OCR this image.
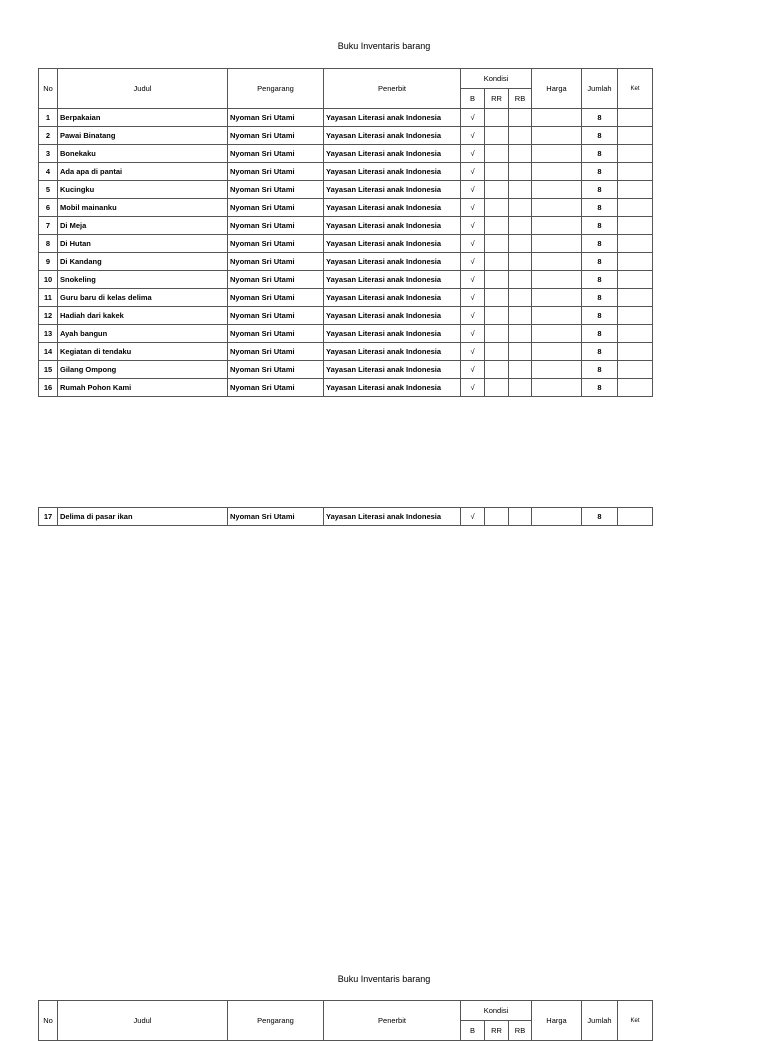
Buku Inventaris barang
No	Judul	Pengarang	Penerbit	Kondisi			Harga	Jumlah	Ket
				B	RR	RB			
1	Berpakaian	Nyoman Sri Utami	Yayasan Literasi anak Indonesia	√				8	
2	Pawai Binatang	Nyoman Sri Utami	Yayasan Literasi anak Indonesia	√				8	
3	Bonekaku	Nyoman Sri Utami	Yayasan Literasi anak Indonesia	√				8	
4	Ada apa di pantai	Nyoman Sri Utami	Yayasan Literasi anak Indonesia	√				8	
5	Kucingku	Nyoman Sri Utami	Yayasan Literasi anak Indonesia	√				8	
6	Mobil mainanku	Nyoman Sri Utami	Yayasan Literasi anak Indonesia	√				8	
7	Di Meja	Nyoman Sri Utami	Yayasan Literasi anak Indonesia	√				8	
8	Di Hutan	Nyoman Sri Utami	Yayasan Literasi anak Indonesia	√				8	
9	Di Kandang	Nyoman Sri Utami	Yayasan Literasi anak Indonesia	√				8	
10	Snokeling	Nyoman Sri Utami	Yayasan Literasi anak Indonesia	√				8	
11	Guru baru di kelas delima	Nyoman Sri Utami	Yayasan Literasi anak Indonesia	√				8	
12	Hadiah dari kakek	Nyoman Sri Utami	Yayasan Literasi anak Indonesia	√				8	
13	Ayah bangun	Nyoman Sri Utami	Yayasan Literasi anak Indonesia	√				8	
14	Kegiatan di tendaku	Nyoman Sri Utami	Yayasan Literasi anak Indonesia	√				8	
15	Gilang Ompong	Nyoman Sri Utami	Yayasan Literasi anak Indonesia	√				8	
16	Rumah Pohon Kami	Nyoman Sri Utami	Yayasan Literasi anak Indonesia	√				8	
17	Delima di pasar ikan	Nyoman Sri Utami	Yayasan Literasi anak Indonesia	√				8	
Buku Inventaris barang
No	Judul	Pengarang	Penerbit	Kondisi			Harga	Jumlah	Ket
				B	RR	RB			
